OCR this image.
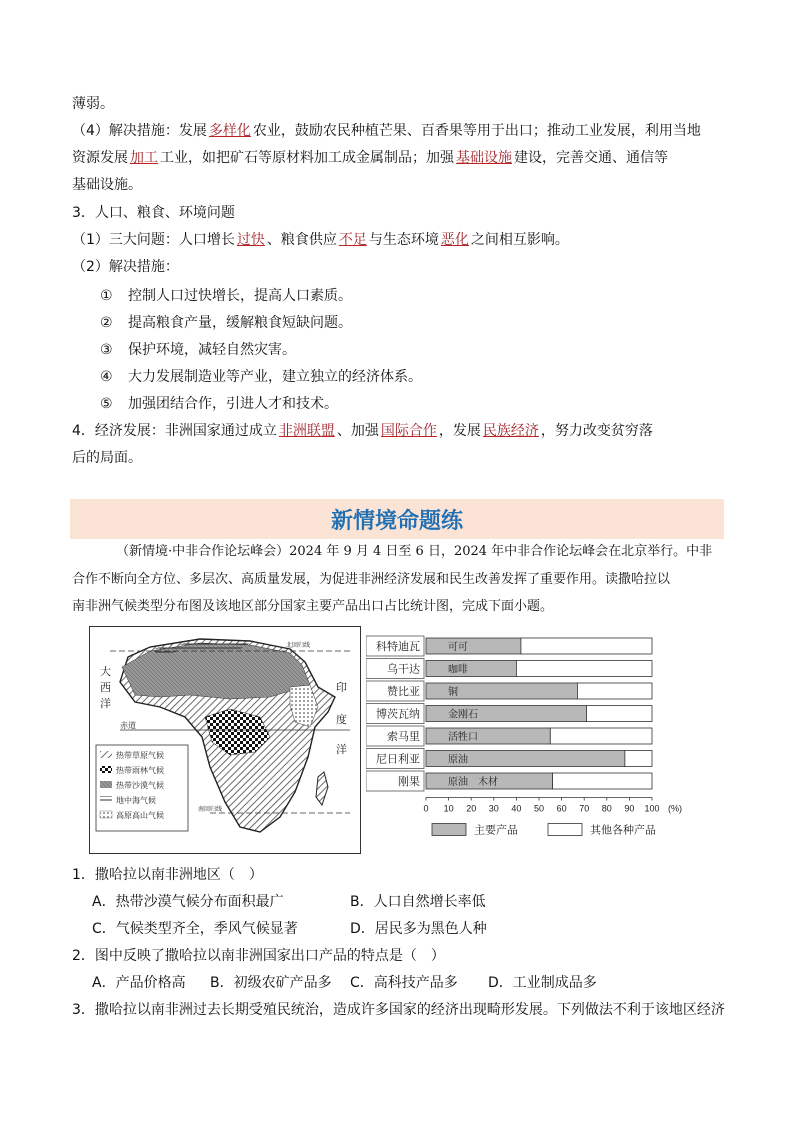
薄弱。
（4）解决措施：发展 多样化 农业，鼓励农民种植芒果、百香果等用于出口；推动工业发展，利用当地
资源发展 加工 工业，如把矿石等原材料加工成金属制品；加强 基础设施 建设，完善交通、通信等
基础设施。
3．人口、粮食、环境问题
（1）三大问题：人口增长 过快 、粮食供应 不足 与生态环境 恶化 之间相互影响。
（2）解决措施：
① 控制人口过快增长，提高人口素质。
② 提高粮食产量，缓解粮食短缺问题。
③ 保护环境，减轻自然灾害。
④ 大力发展制造业等产业，建立独立的经济体系。
⑤ 加强团结合作，引进人才和技术。
4．经济发展：非洲国家通过成立 非洲联盟 、加强 国际合作 ，发展 民族经济 ，努力改变贫穷落
后的局面。
新情境命题练
（新情境·中非合作论坛峰会）2024 年 9 月 4 日至 6 日，2024 年中非合作论坛峰会在北京举行。中非
合作不断向全方位、多层次、高质量发展，为促进非洲经济发展和民生改善发挥了重要作用。读撒哈拉以
南非洲气候类型分布图及该地区部分国家主要产品出口占比统计图，完成下面小题。
大
西
洋
赤道
印
度
洋
北回归线
南回归线
热带草原气候
热带雨林气候
热带沙漠气候
地中海气候
高原高山气候
科特迪瓦	可可
乌干达	咖啡
赞比亚	铜
博茨瓦纳	金刚石
索马里	活牲口
尼日利亚	原油
刚果	原油　木材
0 10 20 30 40 50 60 70 80 90 100 (%)
主要产品	其他各种产品
1．撒哈拉以南非洲地区（　）
A．热带沙漠气候分布面积最广	B．人口自然增长率低
C．气候类型齐全，季风气候显著	D．居民多为黑色人种
2．图中反映了撒哈拉以南非洲国家出口产品的特点是（　）
A．产品价格高 B．初级农矿产品多 C．高科技产品多 D．工业制成品多
3．撒哈拉以南非洲过去长期受殖民统治，造成许多国家的经济出现畸形发展。下列做法不利于该地区经济
